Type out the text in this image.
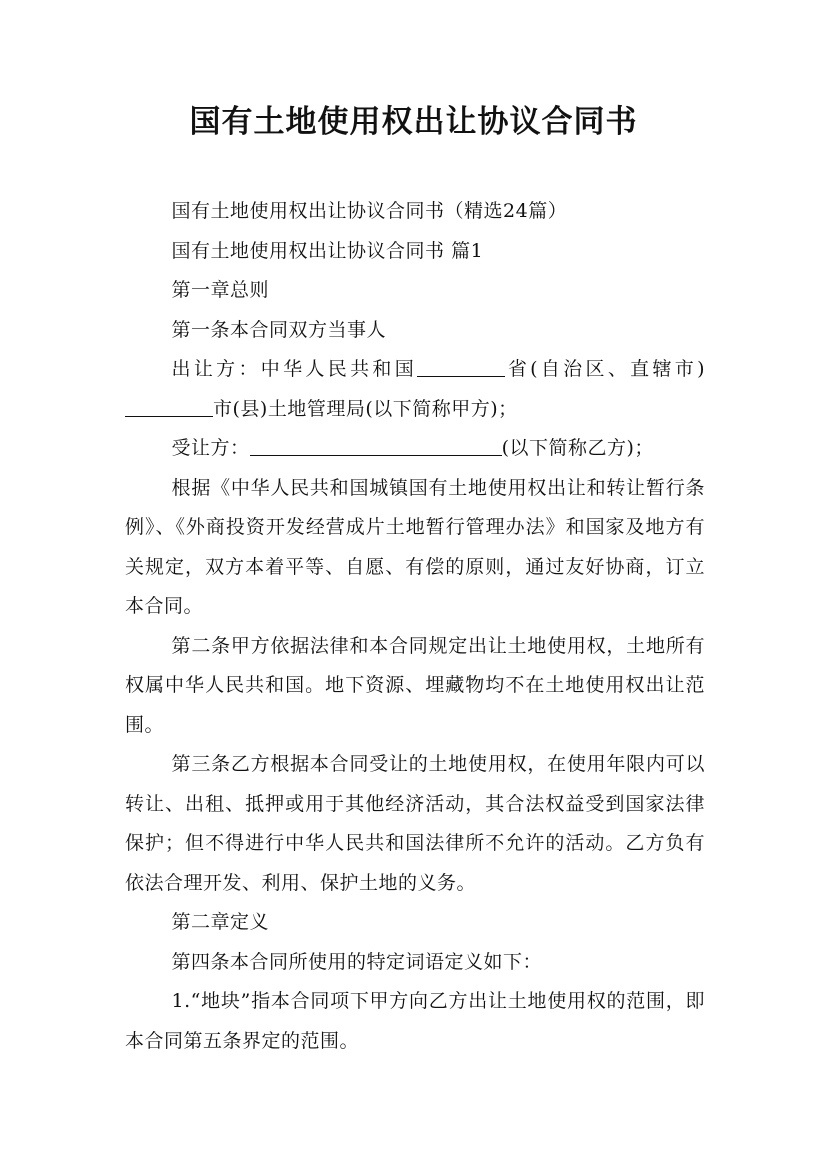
国有土地使用权出让协议合同书

国有土地使用权出让协议合同书（精选24篇）

国有土地使用权出让协议合同书 篇1

第一章总则

第一条本合同双方当事人

出让方：中华人民共和国	省(自治区、直辖市)市(县)土地管理局(以下简称甲方)；

受让方：	(以下简称乙方)；

根据《中华人民共和国城镇国有土地使用权出让和转让暂行条例》、《外商投资开发经营成片土地暂行管理办法》和国家及地方有关规定，双方本着平等、自愿、有偿的原则，通过友好协商，订立本合同。

第二条甲方依据法律和本合同规定出让土地使用权，土地所有权属中华人民共和国。地下资源、埋藏物均不在土地使用权出让范围。

第三条乙方根据本合同受让的土地使用权，在使用年限内可以转让、出租、抵押或用于其他经济活动，其合法权益受到国家法律保护；但不得进行中华人民共和国法律所不允许的活动。乙方负有依法合理开发、利用、保护土地的义务。

第二章定义

第四条本合同所使用的特定词语定义如下：

1.“地块”指本合同项下甲方向乙方出让土地使用权的范围，即本合同第五条界定的范围。
